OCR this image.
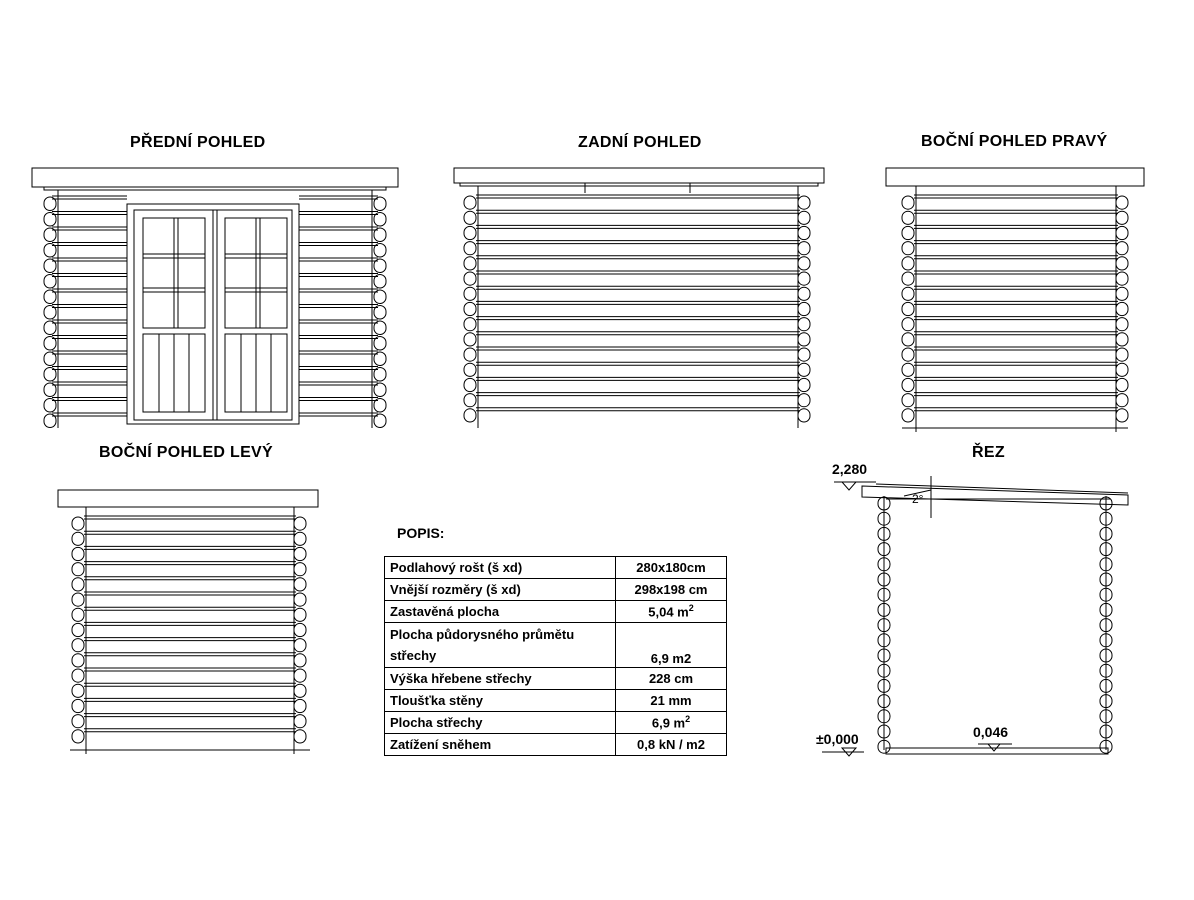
PŘEDNÍ POHLED	ZADNÍ POHLED	BOČNÍ POHLED PRAVÝ
BOČNÍ POHLED LEVÝ	ŘEZ
2,280
2°
±0,000	0,046
POPIS:
Podlahový rošt (š xd)	280x180cm
Vnější rozměry (š xd)	298x198 cm
Zastavěná plocha	5,04 $m^2$
Plocha půdorysného průmětu střechy	6,9 m2
Výška hřebene střechy	228 cm
Tloušťka stěny	21 mm
Plocha střechy	6,9 $m^2$
Zatížení sněhem	0,8 kN / m2
